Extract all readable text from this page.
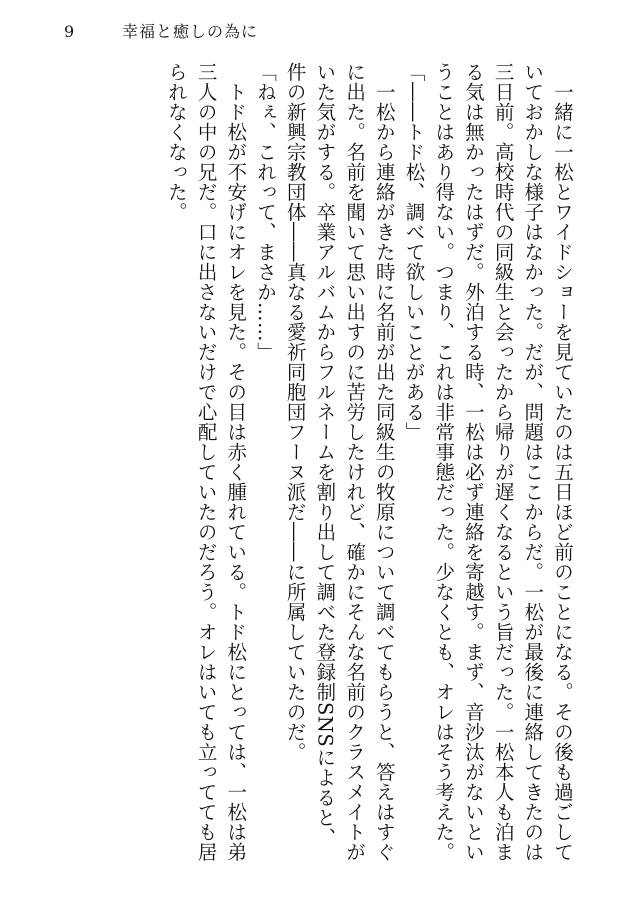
9	幸福と癒しの為に

一緒に一松とワイドショーを見ていたのは五日ほど前のことになる。その後も過ごしていておかしな様子はなかった。だが、問題はここからだ。一松が最後に連絡してきたのは三日前。高校時代の同級生と会ったから帰りが遅くなるという旨だった。一松本人も泊まる気は無かったはずだ。外泊する時、一松は必ず連絡を寄越す。まず、音沙汰がないということはあり得ない。つまり、これは非常事態だった。少なくとも、オレはそう考えた。

「――トド松、調べて欲しいことがある」

一松から連絡がきた時に名前が出た同級生の牧原について調べてもらうと、答えはすぐに出た。名前を聞いて思い出すのに苦労したけれど、確かにそんな名前のクラスメイトがいた気がする。卒業アルバムからフルネームを割り出して調べた登録制SNSによると、件の新興宗教団体――真なる愛祈同胞団フーヌ派だ――に所属していたのだ。

「ねぇ、これって、まさか……」

トド松が不安げにオレを見た。その目は赤く腫れている。トド松にとっては、一松は弟三人の中の兄だ。口に出さないだけで心配していたのだろう。オレはいても立ってても居られなくなった。
